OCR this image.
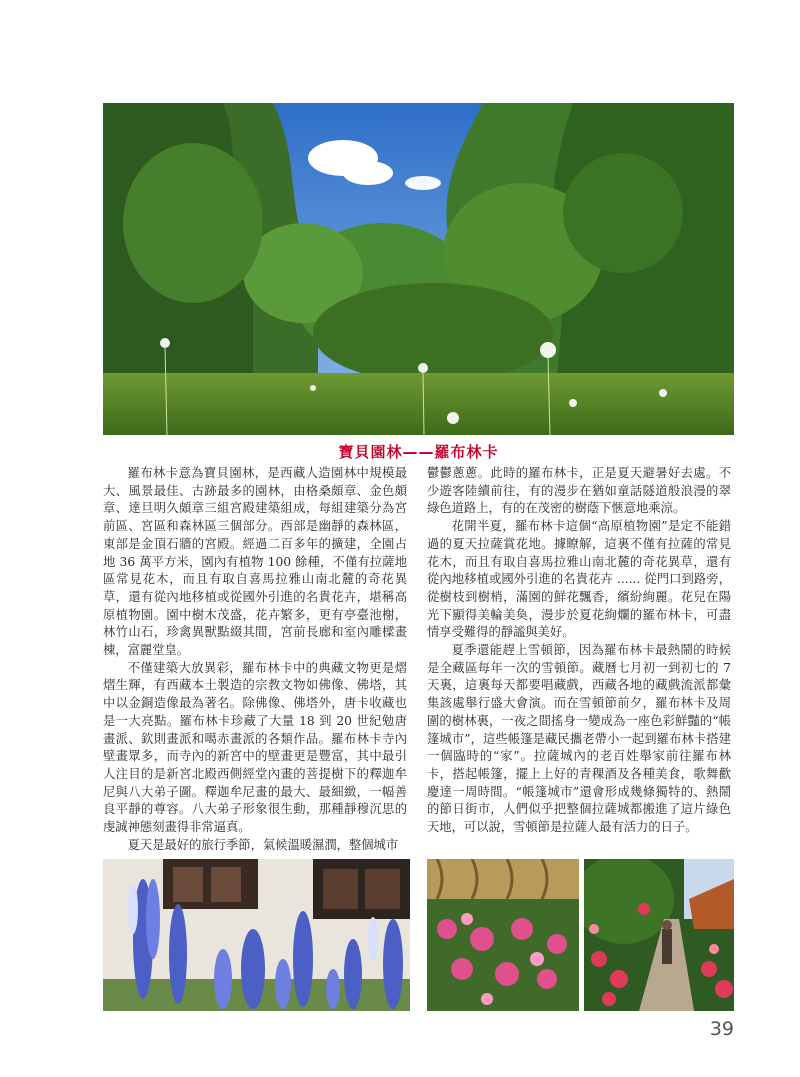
寶貝園林——羅布林卡

羅布林卡意為寶貝園林，是西藏人造園林中規模最大、風景最佳、古跡最多的園林，由格桑頗章、金色頗章、達旦明久頗章三組宮殿建築組成，每組建築分為宮前區、宮區和森林區三個部分。西部是幽靜的森林區，東部是金頂石牆的宮殿。經過二百多年的擴建，全園占地 36 萬平方米，園內有植物 100 餘種，不僅有拉薩地區常見花木，而且有取自喜馬拉雅山南北麓的奇花異草，還有從內地移植或從國外引進的名貴花卉，堪稱高原植物園。園中樹木茂盛，花卉繁多，更有亭臺池榭，林竹山石，珍禽異獸點綴其間，宮前長廊和室內雕樑畫棟，富麗堂皇。

不僅建築大放異彩，羅布林卡中的典藏文物更是熠熠生輝，有西藏本土製造的宗教文物如佛像、佛塔，其中以金銅造像最為著名。除佛像、佛塔外，唐卡收藏也是一大亮點。羅布林卡珍藏了大量 18 到 20 世紀勉唐畫派、欽則畫派和噶赤畫派的各類作品。羅布林卡寺內壁畫眾多，而寺內的新宮中的壁畫更是豐富，其中最引人注目的是新宮北殿西側經堂內畫的菩提樹下的釋迦牟尼與八大弟子圖。釋迦牟尼畫的最大、最細緻，一幅善良平靜的尊容。八大弟子形象很生動，那種靜穆沉思的虔誠神態刻畫得非常逼真。

夏天是最好的旅行季節，氣候溫暖濕潤，整個城市

鬱鬱蔥蔥。此時的羅布林卡，正是夏天避暑好去處。不少遊客陸續前往，有的漫步在猶如童話隧道般浪漫的翠綠色道路上，有的在茂密的樹蔭下愜意地乘涼。

花開半夏，羅布林卡這個“高原植物園”是定不能錯過的夏天拉薩賞花地。據瞭解，這裏不僅有拉薩的常見花木，而且有取自喜馬拉雅山南北麓的奇花異草，還有從內地移植或國外引進的名貴花卉 ...... 從門口到路旁，從樹枝到樹梢，滿園的鮮花飄香，繽紛絢麗。花兒在陽光下顯得美輪美奐，漫步於夏花絢爛的羅布林卡，可盡情享受難得的靜謐與美好。

夏季還能趕上雪頓節，因為羅布林卡最熱鬧的時候是全藏區每年一次的雪頓節。藏曆七月初一到初七的 7 天裏，這裏每天都要唱藏戲，西藏各地的藏戲流派都彙集該處舉行盛大會演。而在雪頓節前夕，羅布林卡及周圍的樹林裏，一夜之間搖身一變成為一座色彩鮮豔的“帳篷城市”，這些帳篷是藏民攜老帶小一起到羅布林卡搭建一個臨時的“家”。拉薩城內的老百姓舉家前往羅布林卡，搭起帳篷，擺上上好的青稞酒及各種美食，歌舞歡慶達一周時間。“帳篷城市”還會形成幾條獨特的、熱鬧的節日街市，人們似乎把整個拉薩城都搬進了這片綠色天地，可以說，雪頓節是拉薩人最有活力的日子。

39
